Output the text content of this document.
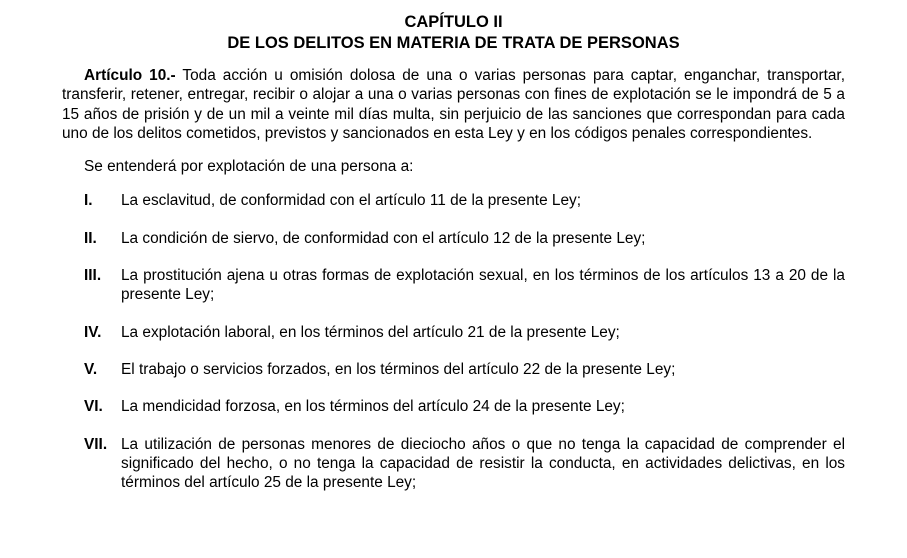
CAPÍTULO II
DE LOS DELITOS EN MATERIA DE TRATA DE PERSONAS
Artículo 10.- Toda acción u omisión dolosa de una o varias personas para captar, enganchar, transportar, transferir, retener, entregar, recibir o alojar a una o varias personas con fines de explotación se le impondrá de 5 a 15 años de prisión y de un mil a veinte mil días multa, sin perjuicio de las sanciones que correspondan para cada uno de los delitos cometidos, previstos y sancionados en esta Ley y en los códigos penales correspondientes.
Se entenderá por explotación de una persona a:
I.	La esclavitud, de conformidad con el artículo 11 de la presente Ley;
II.	La condición de siervo, de conformidad con el artículo 12 de la presente Ley;
III.	La prostitución ajena u otras formas de explotación sexual, en los términos de los artículos 13 a 20 de la presente Ley;
IV.	La explotación laboral, en los términos del artículo 21 de la presente Ley;
V.	El trabajo o servicios forzados, en los términos del artículo 22 de la presente Ley;
VI.	La mendicidad forzosa, en los términos del artículo 24 de la presente Ley;
VII. La utilización de personas menores de dieciocho años o que no tenga la capacidad de comprender el significado del hecho, o no tenga la capacidad de resistir la conducta, en actividades delictivas, en los términos del artículo 25 de la presente Ley;
